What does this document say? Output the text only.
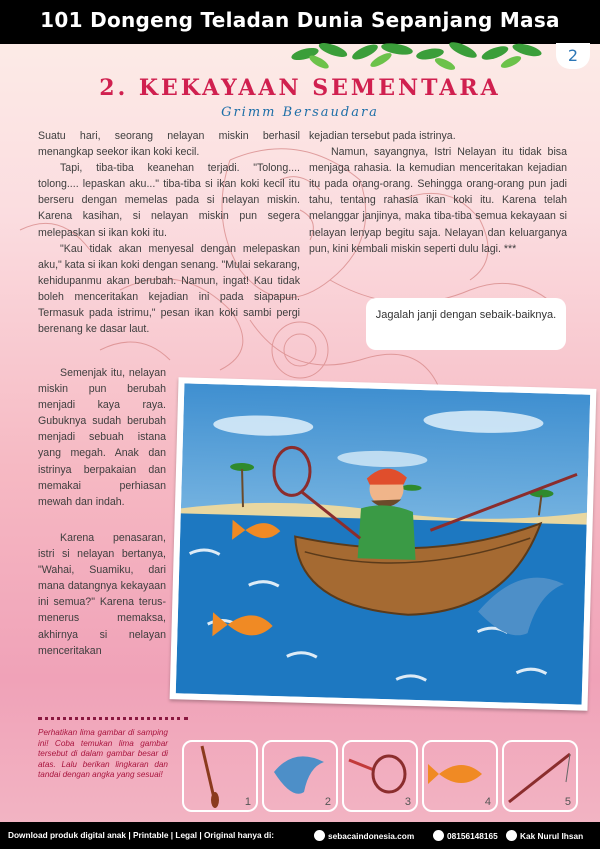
101 Dongeng Teladan Dunia Sepanjang Masa
2
2. KEKAYAAN SEMENTARA
Grimm Bersaudara

Suatu hari, seorang nelayan miskin berhasil menangkap seekor ikan koki kecil.

Tapi, tiba-tiba keanehan terjadi. "Tolong.... tolong.... lepaskan aku..." tiba-tiba si ikan koki kecil itu berseru dengan memelas pada si nelayan miskin. Karena kasihan, si nelayan miskin pun segera melepaskan si ikan koki itu.

"Kau tidak akan menyesal dengan melepaskan aku," kata si ikan koki dengan senang. "Mulai sekarang, kehidupanmu akan berubah. Namun, ingat! Kau tidak boleh menceritakan kejadian ini pada siapapun. Termasuk pada istrimu," pesan ikan koki sambi pergi berenang ke dasar laut.

Semenjak itu, nelayan miskin pun berubah menjadi kaya raya. Gubuknya sudah berubah menjadi sebuah istana yang megah. Anak dan istrinya berpakaian dan memakai perhiasan mewah dan indah.

Karena penasaran, istri si nelayan bertanya, "Wahai, Suamiku, dari mana datangnya kekayaan ini semua?" Karena terus-menerus memaksa, akhirnya si nelayan menceritakan

kejadian tersebut pada istrinya.

Namun, sayangnya, Istri Nelayan itu tidak bisa menjaga rahasia. Ia kemudian menceritakan kejadian itu pada orang-orang. Sehingga orang-orang pun jadi tahu, tentang rahasia ikan koki itu. Karena telah melanggar janjinya, maka tiba-tiba semua kekayaan si nelayan lenyap begitu saja. Nelayan dan keluarganya pun, kini kembali miskin seperti dulu lagi. ***

Jagalah janji dengan sebaik-baiknya.
Perhatikan lima gambar di samping ini! Coba temukan lima gambar tersebut di dalam gambar besar di atas. Lalu berikan lingkaran dan tandai dengan angka yang sesuai!
1	2	3	4	5
Download produk digital anak | Printable | Legal | Original hanya di:	sebacaindonesia.com	08156148165	Kak Nurul Ihsan
